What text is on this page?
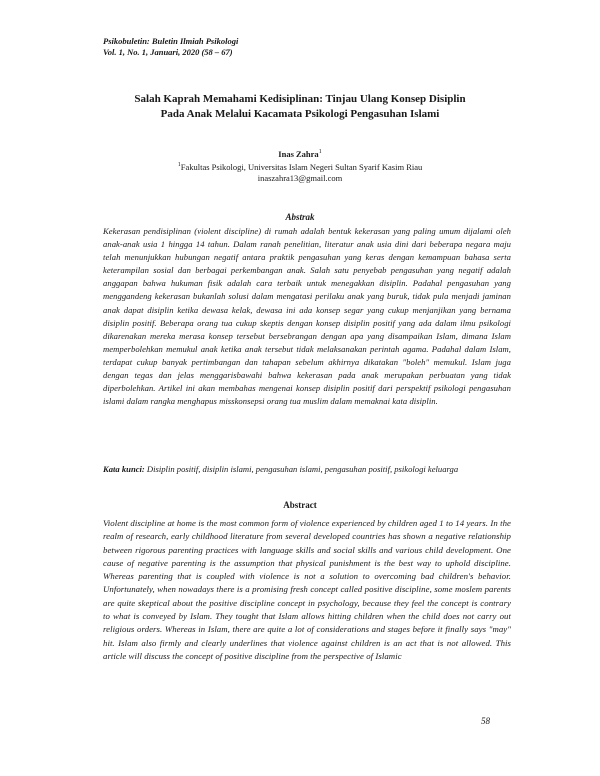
Psikobuletin: Buletin Ilmiah Psikologi
Vol. 1, No. 1, Januari, 2020 (58 – 67)
Salah Kaprah Memahami Kedisiplinan: Tinjau Ulang Konsep Disiplin
Pada Anak Melalui Kacamata Psikologi Pengasuhan Islami
Inas Zahra$^1$
$^1$Fakultas Psikologi, Universitas Islam Negeri Sultan Syarif Kasim Riau
inaszahra13@gmail.com
Abstrak
Kekerasan pendisiplinan (violent discipline) di rumah adalah bentuk kekerasan yang paling umum dijalami oleh anak-anak usia 1 hingga 14 tahun. Dalam ranah penelitian, literatur anak usia dini dari beberapa negara maju telah menunjukkan hubungan negatif antara praktik pengasuhan yang keras dengan kemampuan bahasa serta keterampilan sosial dan berbagai perkembangan anak. Salah satu penyebab pengasuhan yang negatif adalah anggapan bahwa hukuman fisik adalah cara terbaik untuk menegakkan disiplin. Padahal pengasuhan yang menggandeng kekerasan bukanlah solusi dalam mengatasi perilaku anak yang buruk, tidak pula menjadi jaminan anak dapat disiplin ketika dewasa kelak, dewasa ini ada konsep segar yang cukup menjanjikan yang bernama disiplin positif. Beberapa orang tua cukup skeptis dengan konsep disiplin positif yang ada dalam ilmu psikologi dikarenakan mereka merasa konsep tersebut bersebrangan dengan apa yang disampaikan Islam, dimana Islam memperbolehkan memukul anak ketika anak tersebut tidak melaksanakan perintah agama. Padahal dalam Islam, terdapat cukup banyak pertimbangan dan tahapan sebelum akhirnya dikatakan "boleh" memukul. Islam juga dengan tegas dan jelas menggarisbawahi bahwa kekerasan pada anak merupakan perbuatan yang tidak diperbolehkan. Artikel ini akan membahas mengenai konsep disiplin positif dari perspektif psikologi pengasuhan islami dalam rangka menghapus misskonsepsi orang tua muslim dalam memaknai kata disiplin.
Kata kunci: Disiplin positif, disiplin islami, pengasuhan islami, pengasuhan positif, psikologi keluarga
Abstract
Violent discipline at home is the most common form of violence experienced by children aged 1 to 14 years. In the realm of research, early childhood literature from several developed countries has shown a negative relationship between rigorous parenting practices with language skills and social skills and various child development. One cause of negative parenting is the assumption that physical punishment is the best way to uphold discipline. Whereas parenting that is coupled with violence is not a solution to overcoming bad children's behavior. Unfortunately, when nowadays there is a promising fresh concept called positive discipline, some moslem parents are quite skeptical about the positive discipline concept in psychology, because they feel the concept is contrary to what is conveyed by Islam. They tought that Islam allows hitting children when the child does not carry out religious orders. Whereas in Islam, there are quite a lot of considerations and stages before it finally says "may" hit. Islam also firmly and clearly underlines that violence against children is an act that is not allowed. This article will discuss the concept of positive discipline from the perspective of Islamic
58
